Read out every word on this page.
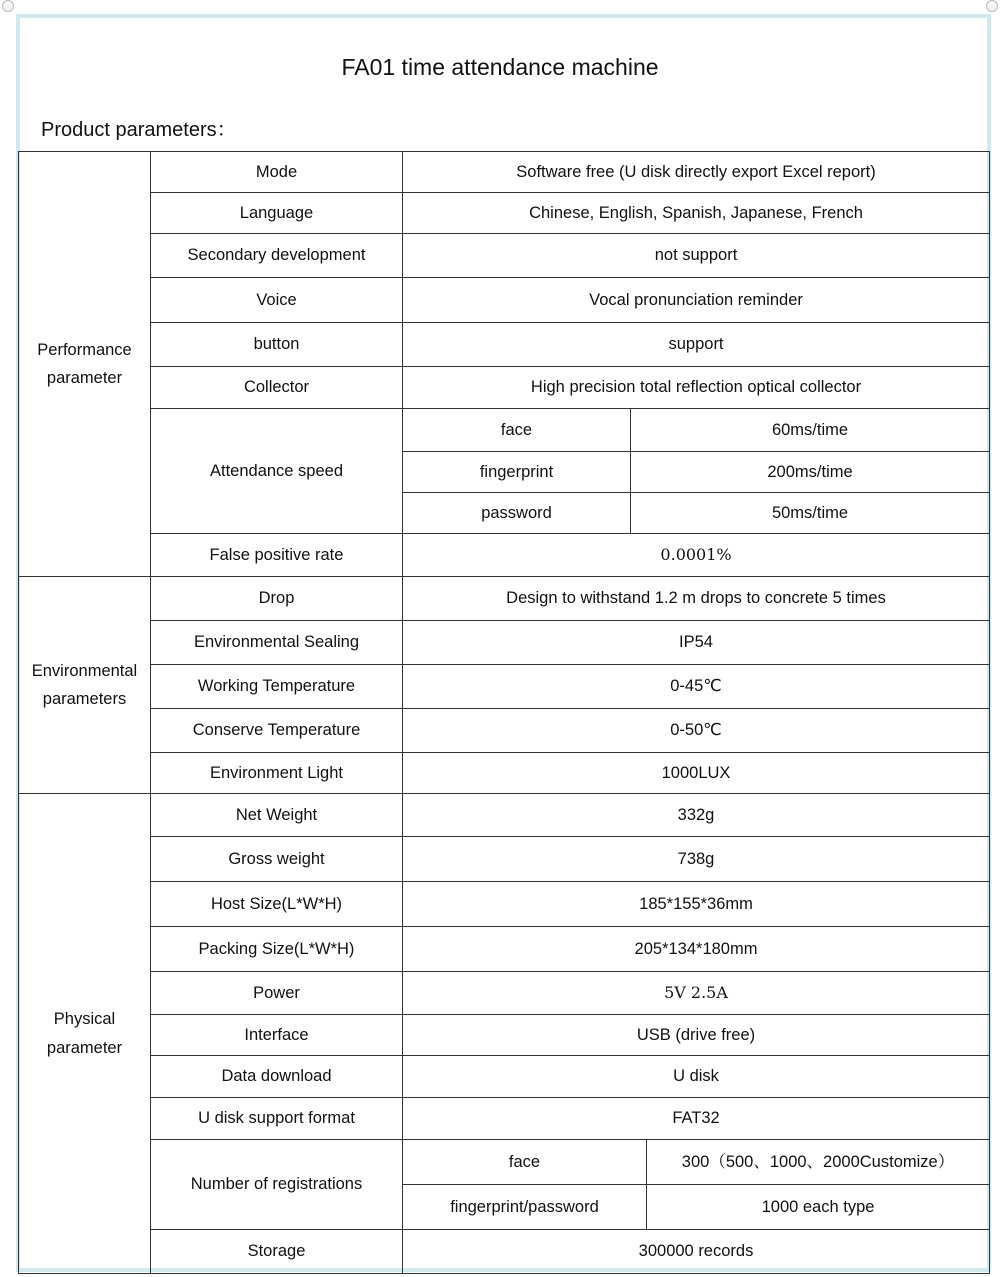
FA01 time attendance machine
Product parameters：
Performance parameter	Mode	Software free (U disk directly export Excel report)		
	Language	Chinese, English, Spanish, Japanese, French		
	Secondary development	not support		
	Voice	Vocal pronunciation reminder		
	button	support		
	Collector	High precision total reflection optical collector		
	Attendance speed	face	60ms/time	
		fingerprint	200ms/time	
		password	50ms/time	
	False positive rate	0.0001%		
Environmental parameters	Drop	Design to withstand 1.2 m drops to concrete 5 times		
	Environmental Sealing	IP54		
	Working Temperature	0-45℃		
	Conserve Temperature	0-50℃		
	Environment Light	1000LUX		
Physical parameter	Net Weight	332g		
	Gross weight	738g		
	Host Size(L*W*H)	185*155*36mm		
	Packing Size(L*W*H)	205*134*180mm		
	Power	5V 2.5A		
	Interface	USB (drive free)		
	Data download	U disk		
	U disk support format	FAT32		
	Number of registrations	face		300（500、1000、2000Customize）
		fingerprint/password		1000 each type
	Storage	300000 records		
